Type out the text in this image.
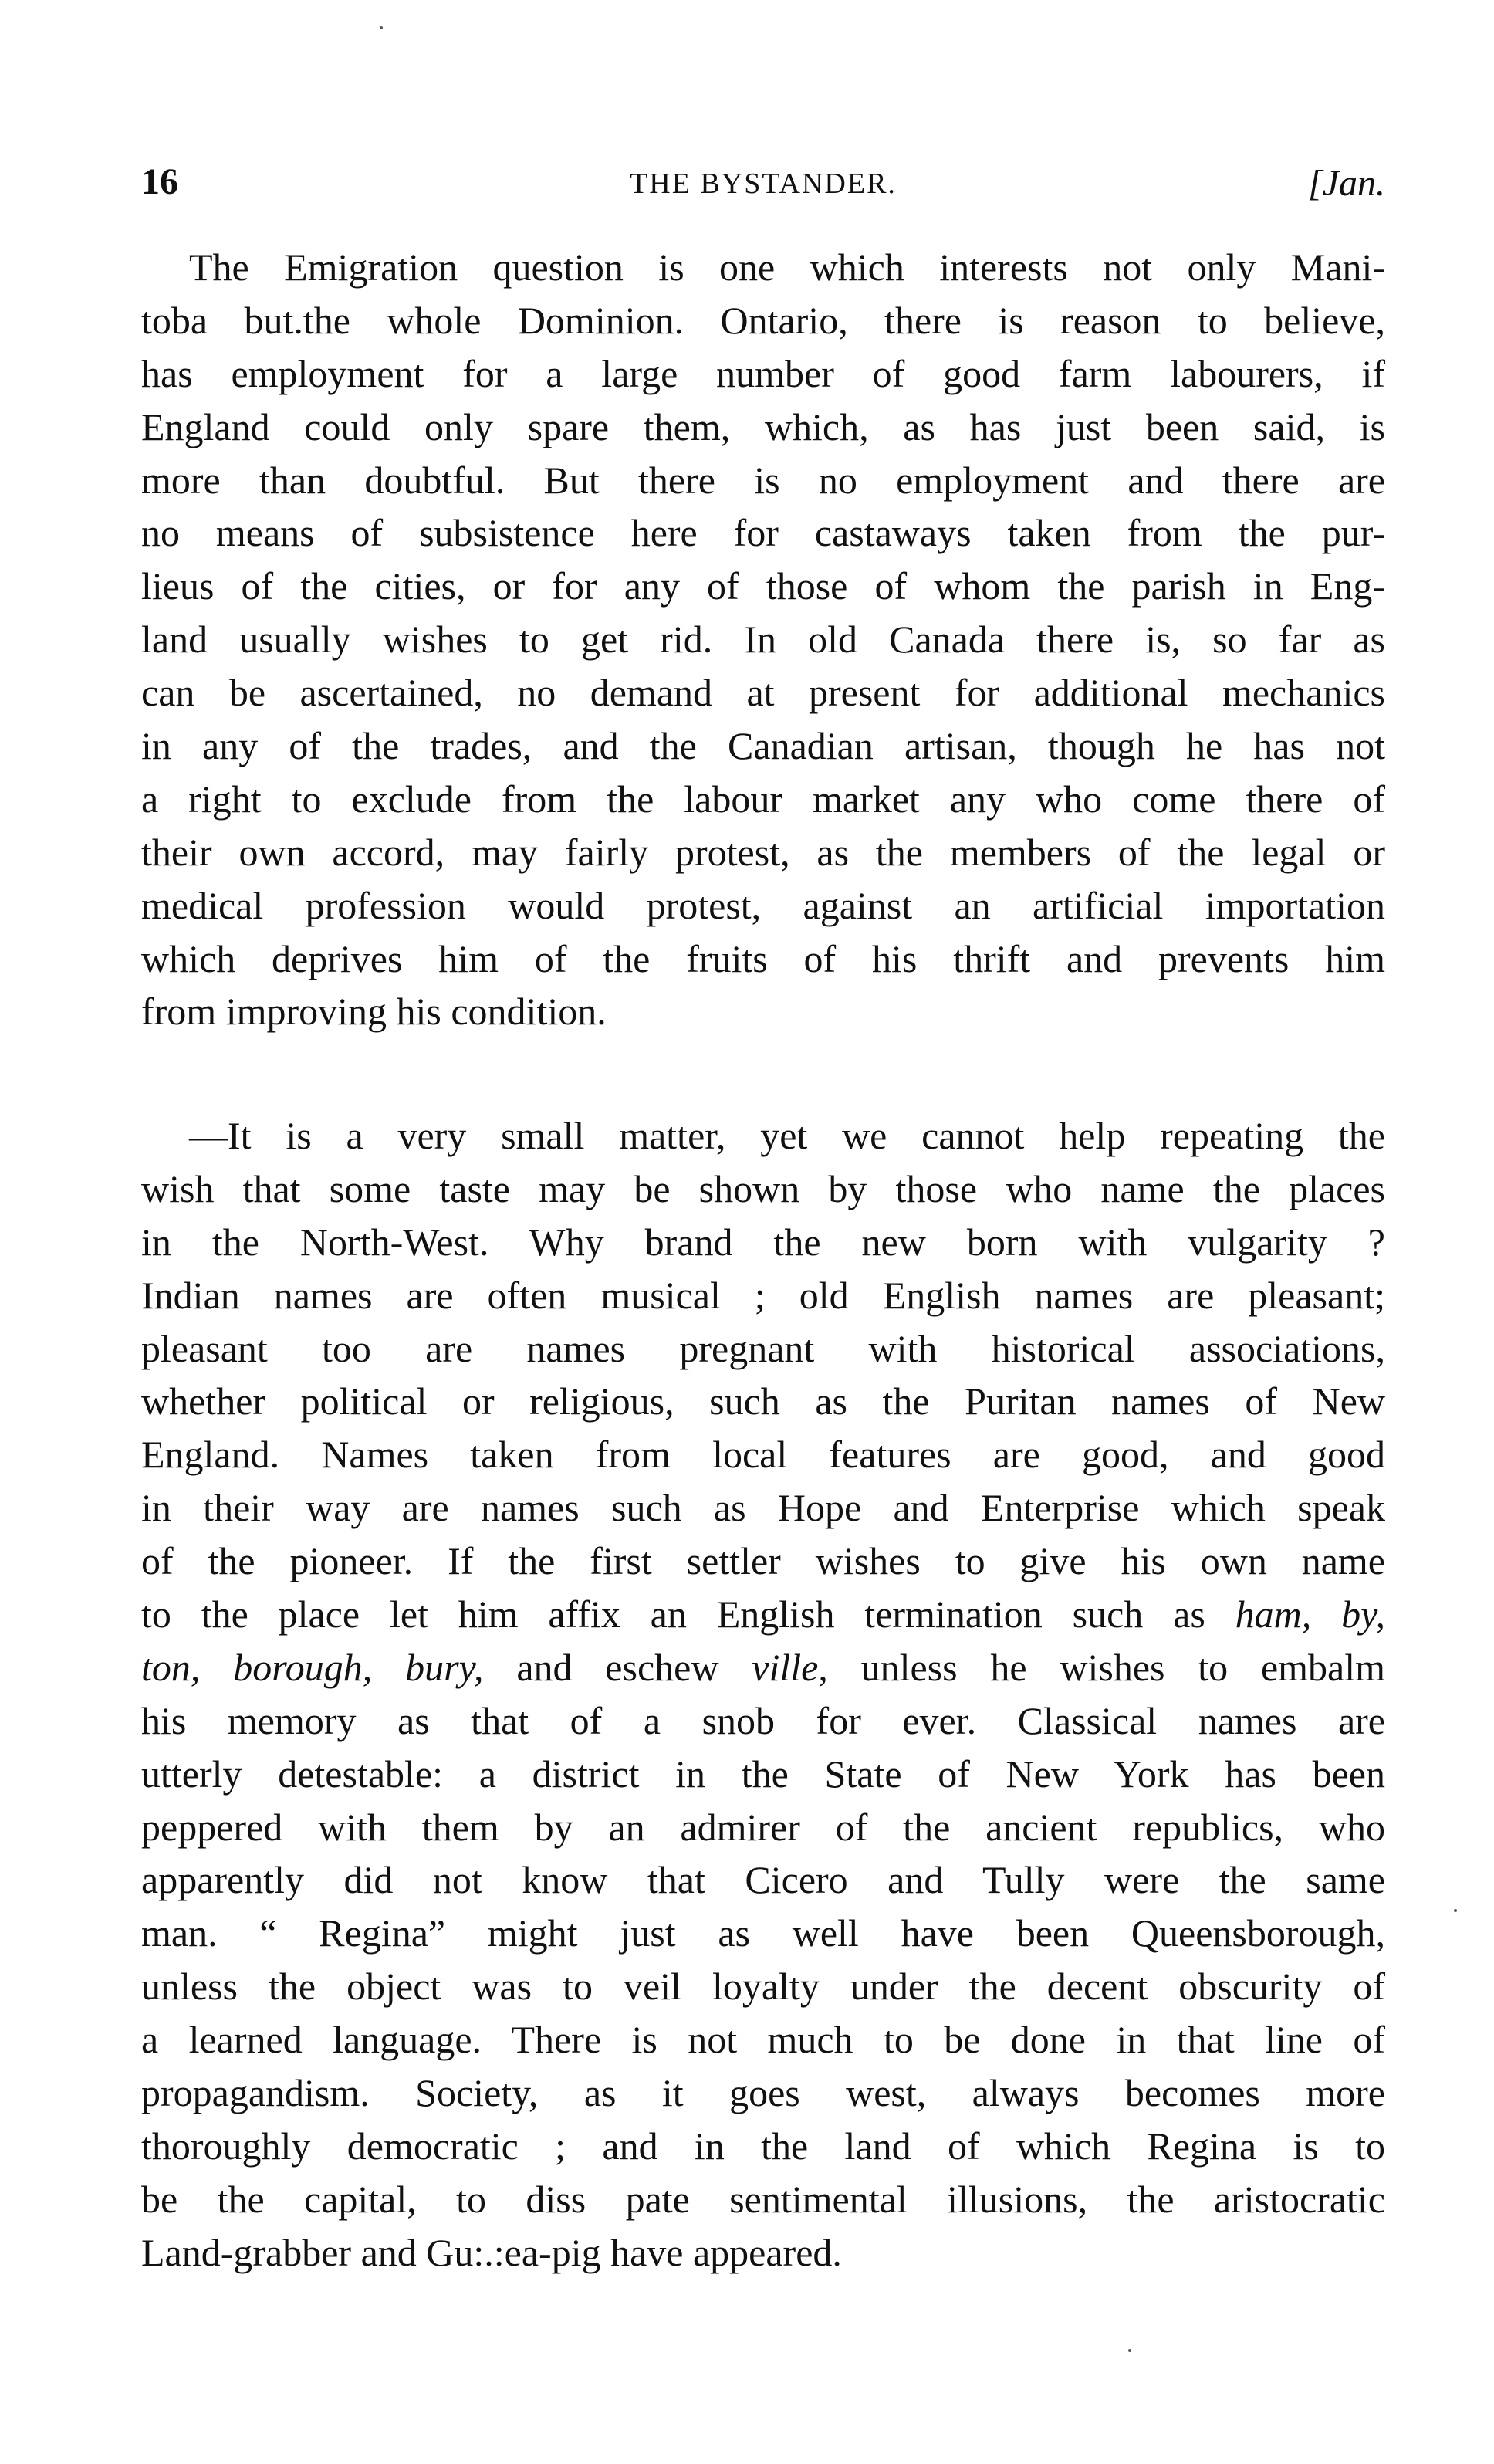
16	THE BYSTANDER.	[Jan.
The Emigration question is one which interests not only Mani-
toba but.the whole Dominion. Ontario, there is reason to believe,
has employment for a large number of good farm labourers, if
England could only spare them, which, as has just been said, is
more than doubtful. But there is no employment and there are
no means of subsistence here for castaways taken from the pur-
lieus of the cities, or for any of those of whom the parish in Eng-
land usually wishes to get rid. In old Canada there is, so far as
can be ascertained, no demand at present for additional mechanics
in any of the trades, and the Canadian artisan, though he has not
a right to exclude from the labour market any who come there of
their own accord, may fairly protest, as the members of the legal or
medical profession would protest, against an artificial importation
which deprives him of the fruits of his thrift and prevents him
from improving his condition.
—It is a very small matter, yet we cannot help repeating the
wish that some taste may be shown by those who name the places
in the North-West. Why brand the new born with vulgarity ?
Indian names are often musical ; old English names are pleasant;
pleasant too are names pregnant with historical associations,
whether political or religious, such as the Puritan names of New
England. Names taken from local features are good, and good
in their way are names such as Hope and Enterprise which speak
of the pioneer. If the first settler wishes to give his own name
to the place let him affix an English termination such as ham, by,
ton, borough, bury, and eschew ville, unless he wishes to embalm
his memory as that of a snob for ever. Classical names are
utterly detestable: a district in the State of New York has been
peppered with them by an admirer of the ancient republics, who
apparently did not know that Cicero and Tully were the same
man. “ Regina” might just as well have been Queensborough,
unless the object was to veil loyalty under the decent obscurity of
a learned language. There is not much to be done in that line of
propagandism. Society, as it goes west, always becomes more
thoroughly democratic ; and in the land of which Regina is to
be the capital, to diss pate sentimental illusions, the aristocratic
Land-grabber and Gu:.:ea-pig have appeared.
